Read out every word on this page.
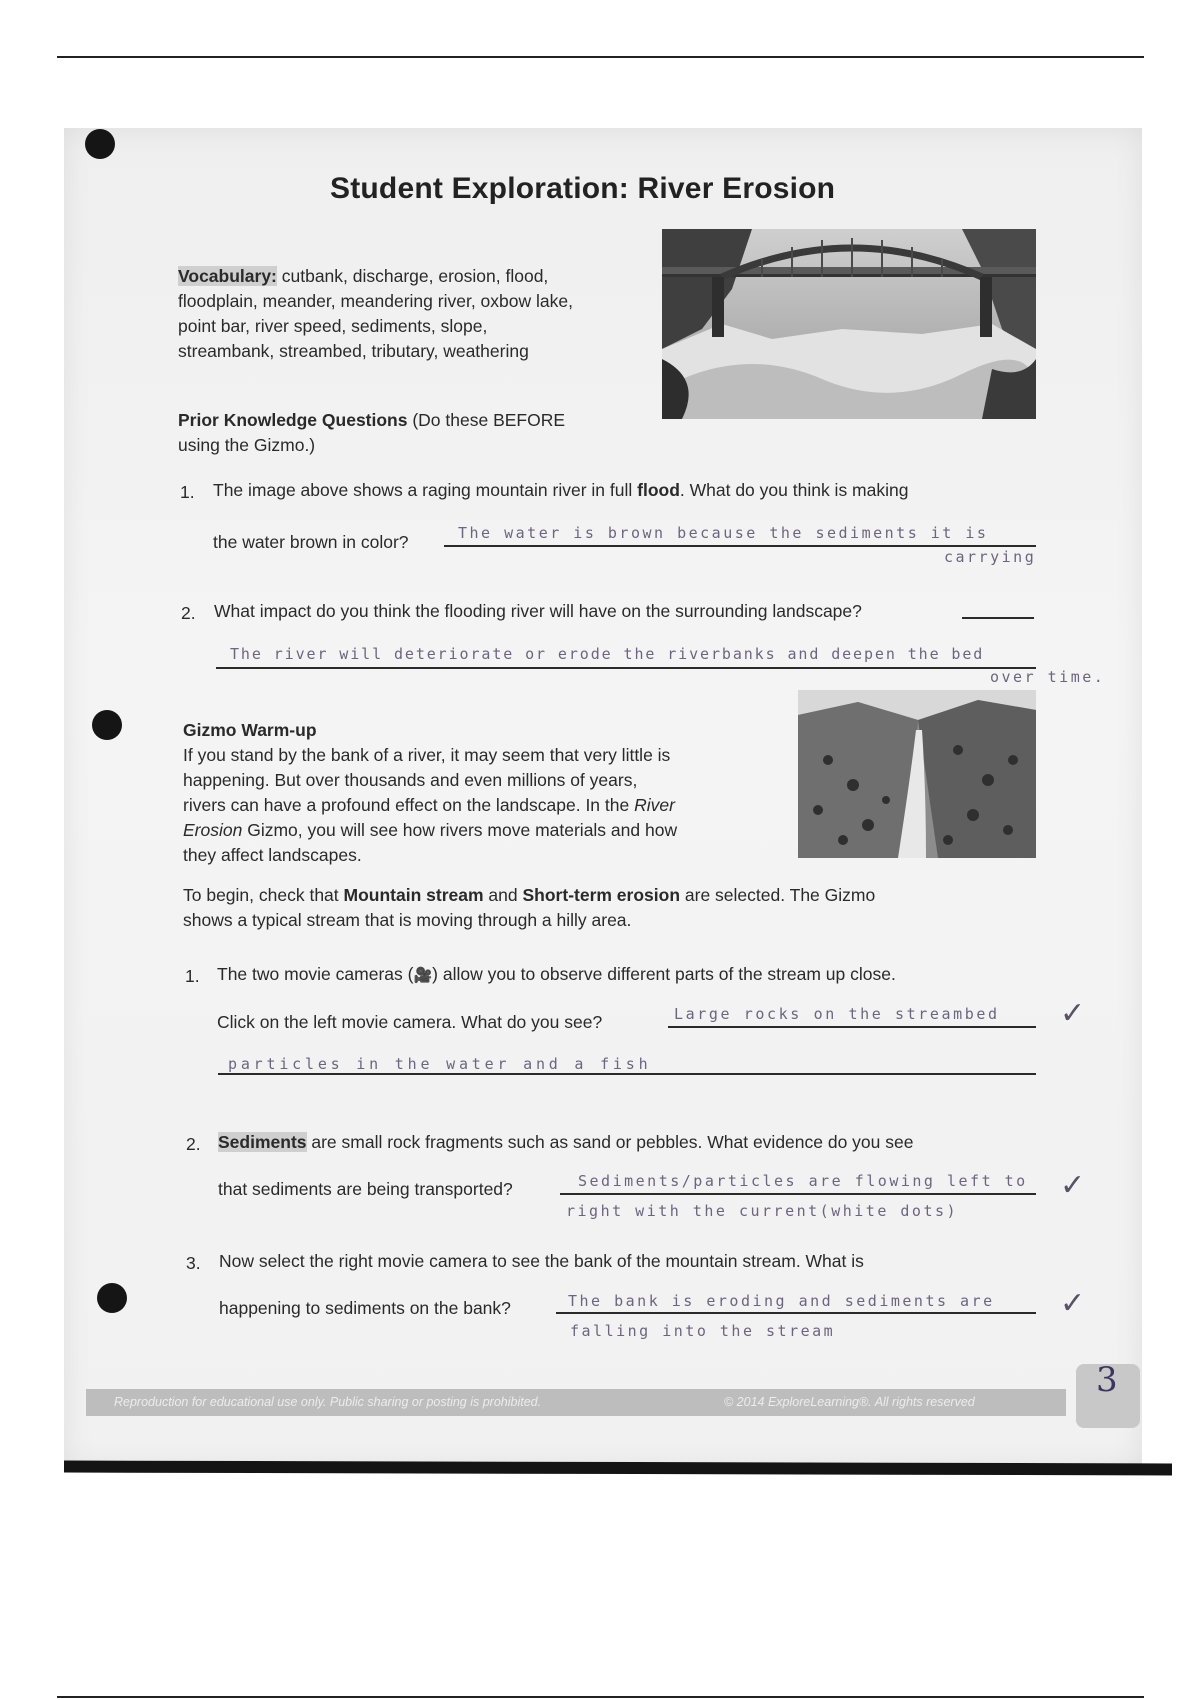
Student Exploration: River Erosion
Vocabulary: cutbank, discharge, erosion, flood,
floodplain, meander, meandering river, oxbow lake,
point bar, river speed, sediments, slope,
streambank, streambed, tributary, weathering
Prior Knowledge Questions (Do these BEFORE
using the Gizmo.)
1. The image above shows a raging mountain river in full flood. What do you think is making
the water brown in color?	The water is brown because the sediments it is
carrying
2. What impact do you think the flooding river will have on the surrounding landscape?
The river will deteriorate or erode the riverbanks and deepen the bed
over time.
Gizmo Warm-up
If you stand by the bank of a river, it may seem that very little is
happening. But over thousands and even millions of years,
rivers can have a profound effect on the landscape. In the River
Erosion Gizmo, you will see how rivers move materials and how
they affect landscapes.
To begin, check that Mountain stream and Short-term erosion are selected. The Gizmo
shows a typical stream that is moving through a hilly area.
1. The two movie cameras (🎥) allow you to observe different parts of the stream up close.
Click on the left movie camera. What do you see?	Large rocks on the streambed
particles in the water and a fish
✓
2. Sediments are small rock fragments such as sand or pebbles. What evidence do you see
that sediments are being transported?	Sediments/particles are flowing left to
right with the current(white dots)
✓
3. Now select the right movie camera to see the bank of the mountain stream. What is
happening to sediments on the bank?	The bank is eroding and sediments are
falling into the stream
✓
Reproduction for educational use only. Public sharing or posting is prohibited.	© 2014 ExploreLearning®. All rights reserved
3
